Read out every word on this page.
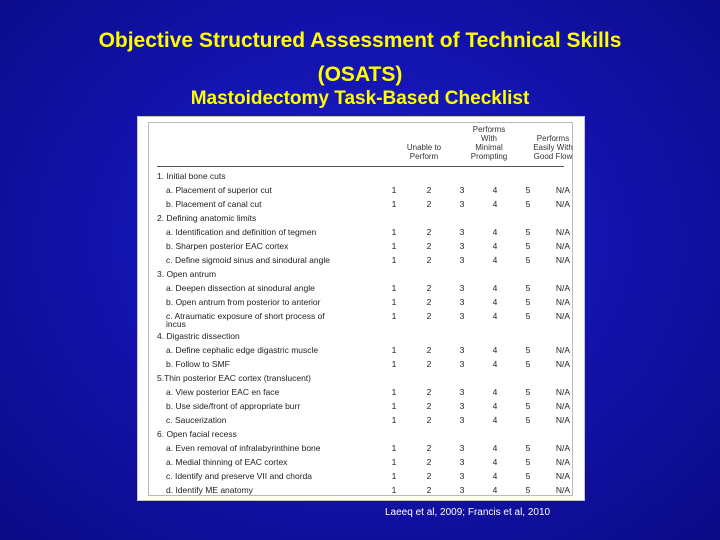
Objective Structured Assessment of Technical Skills
(OSATS)
Mastoidectomy Task-Based Checklist
Unable to
Perform
Performs
With
Minimal
Prompting
Performs
Easily With
Good Flow
1. Initial bone cuts
a. Placement of superior cut	1	2	3	4	5	N/A
b. Placement of canal cut	1	2	3	4	5	N/A
2. Defining anatomic limits
a. Identification and definition of tegmen	1	2	3	4	5	N/A
b. Sharpen posterior EAC cortex	1	2	3	4	5	N/A
c. Define sigmoid sinus and sinodural angle	1	2	3	4	5	N/A
3. Open antrum
a. Deepen dissection at sinodural angle	1	2	3	4	5	N/A
b. Open antrum from posterior to anterior	1	2	3	4	5	N/A
c. Atraumatic exposure of short process of	1	2	3	4	5	N/A
incus
4. Digastric dissection
a. Define cephalic edge digastric muscle	1	2	3	4	5	N/A
b. Follow to SMF	1	2	3	4	5	N/A
5.Thin posterior EAC cortex (translucent)
a. View posterior EAC en face	1	2	3	4	5	N/A
b. Use side/front of appropriate burr	1	2	3	4	5	N/A
c. Saucerization	1	2	3	4	5	N/A
6. Open facial recess
a. Even removal of infralabyrinthine bone	1	2	3	4	5	N/A
a. Medial thinning of EAC cortex	1	2	3	4	5	N/A
c. Identify and preserve VII and chorda	1	2	3	4	5	N/A
d. Identify ME anatomy	1	2	3	4	5	N/A
Laeeq et al, 2009; Francis et al, 2010
